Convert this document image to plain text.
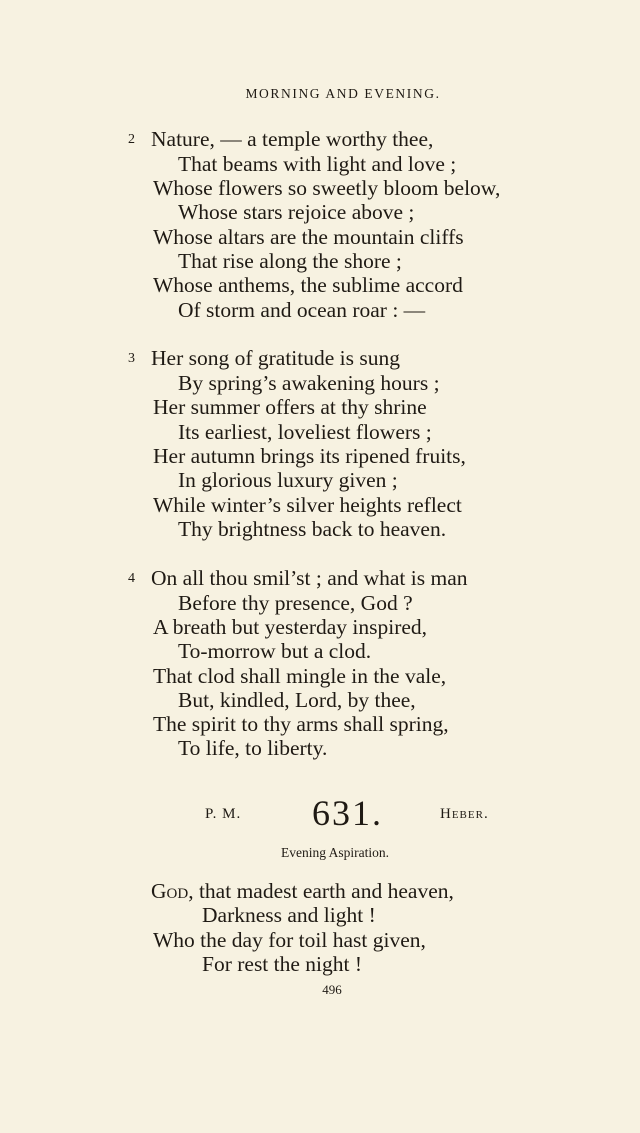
MORNING AND EVENING.
2 Nature, — a temple worthy thee,
That beams with light and love ;
Whose flowers so sweetly bloom below,
Whose stars rejoice above ;
Whose altars are the mountain cliffs
That rise along the shore ;
Whose anthems, the sublime accord
Of storm and ocean roar : —
3 Her song of gratitude is sung
By spring’s awakening hours ;
Her summer offers at thy shrine
Its earliest, loveliest flowers ;
Her autumn brings its ripened fruits,
In glorious luxury given ;
While winter’s silver heights reflect
Thy brightness back to heaven.
4 On all thou smil’st ; and what is man
Before thy presence, God ?
A breath but yesterday inspired,
To-morrow but a clod.
That clod shall mingle in the vale,
But, kindled, Lord, by thee,
The spirit to thy arms shall spring,
To life, to liberty.
P. M. 631.	Heber.
Evening Aspiration.
God, that madest earth and heaven,
Darkness and light !
Who the day for toil hast given,
For rest the night !
496
